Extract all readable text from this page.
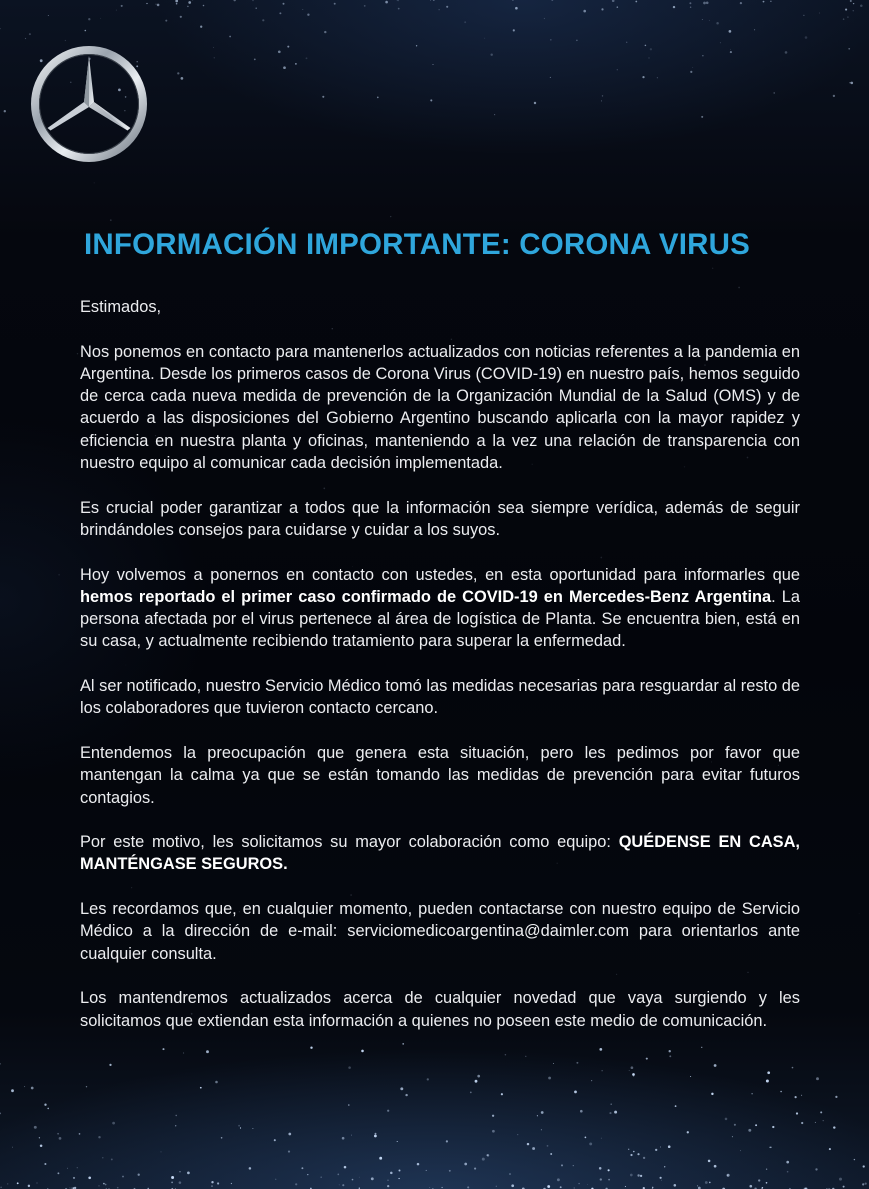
INFORMACIÓN IMPORTANTE: CORONA VIRUS

Estimados,

Nos ponemos en contacto para mantenerlos actualizados con noticias referentes a la pandemia en Argentina. Desde los primeros casos de Corona Virus (COVID-19) en nuestro país, hemos seguido de cerca cada nueva medida de prevención de la Organización Mundial de la Salud (OMS) y de acuerdo a las disposiciones del Gobierno Argentino buscando aplicarla con la mayor rapidez y eficiencia en nuestra planta y oficinas, manteniendo a la vez una relación de transparencia con nuestro equipo al comunicar cada decisión implementada.

Es crucial poder garantizar a todos que la información sea siempre verídica, además de seguir brindándoles consejos para cuidarse y cuidar a los suyos.

Hoy volvemos a ponernos en contacto con ustedes, en esta oportunidad para informarles que hemos reportado el primer caso confirmado de COVID-19 en Mercedes-Benz Argentina. La persona afectada por el virus pertenece al área de logística de Planta. Se encuentra bien, está en su casa, y actualmente recibiendo tratamiento para superar la enfermedad.

Al ser notificado, nuestro Servicio Médico tomó las medidas necesarias para resguardar al resto de los colaboradores que tuvieron contacto cercano.

Entendemos la preocupación que genera esta situación, pero les pedimos por favor que mantengan la calma ya que se están tomando las medidas de prevención para evitar futuros contagios.

Por este motivo, les solicitamos su mayor colaboración como equipo: QUÉDENSE EN CASA, MANTÉNGASE SEGUROS.

Les recordamos que, en cualquier momento, pueden contactarse con nuestro equipo de Servicio Médico a la dirección de e-mail: serviciomedicoargentina@daimler.com para orientarlos ante cualquier consulta.

Los mantendremos actualizados acerca de cualquier novedad que vaya surgiendo y les solicitamos que extiendan esta información a quienes no poseen este medio de comunicación.
